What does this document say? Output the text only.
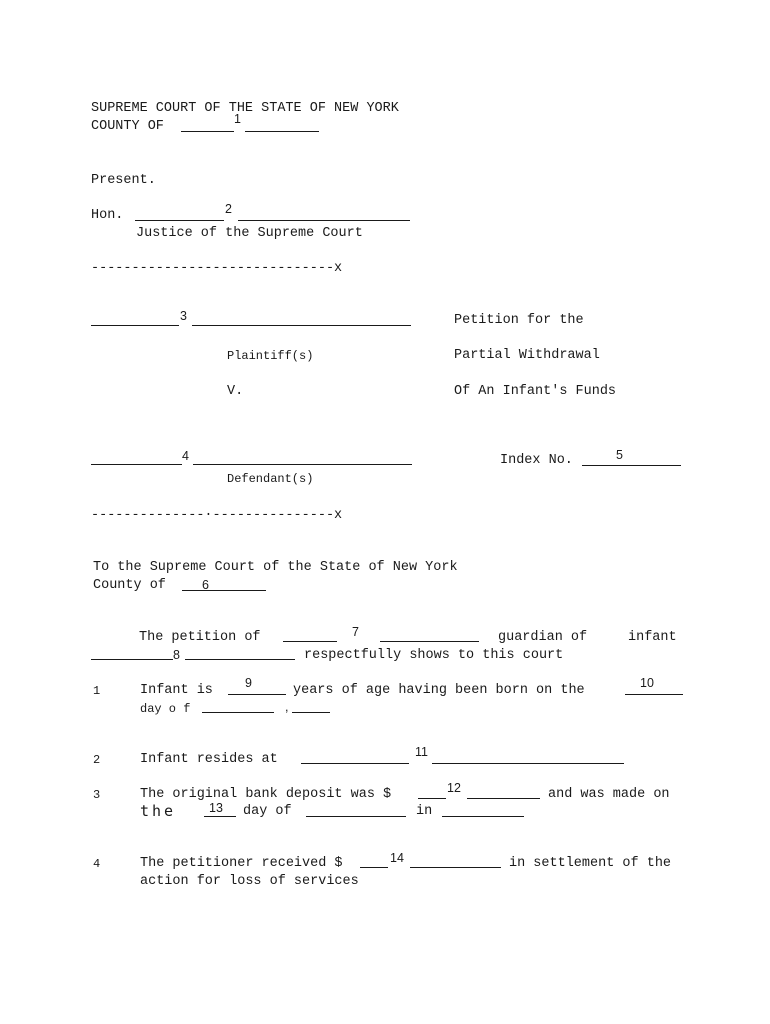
SUPREME COURT OF THE STATE OF NEW YORK
COUNTY OF	1
Present.
Hon.	2
Justice of the Supreme Court
------------------------------x
3	Petition for the
Plaintiff(s)	Partial Withdrawal
V.	Of An Infant's Funds
4	Index No.	5
Defendant(s)
--------------·---------------x
To the Supreme Court of the State of New York
County of	6
The petition of	7	guardian of	infant
8	respectfully shows to this court
1	Infant is	9	years of age having been born on the	10
day o f	,
2	Infant resides at	11
3	The original bank deposit was $	12	and was made on
the	13 day of	in
4	The petitioner received $	14	in settlement of the
action for loss of services
